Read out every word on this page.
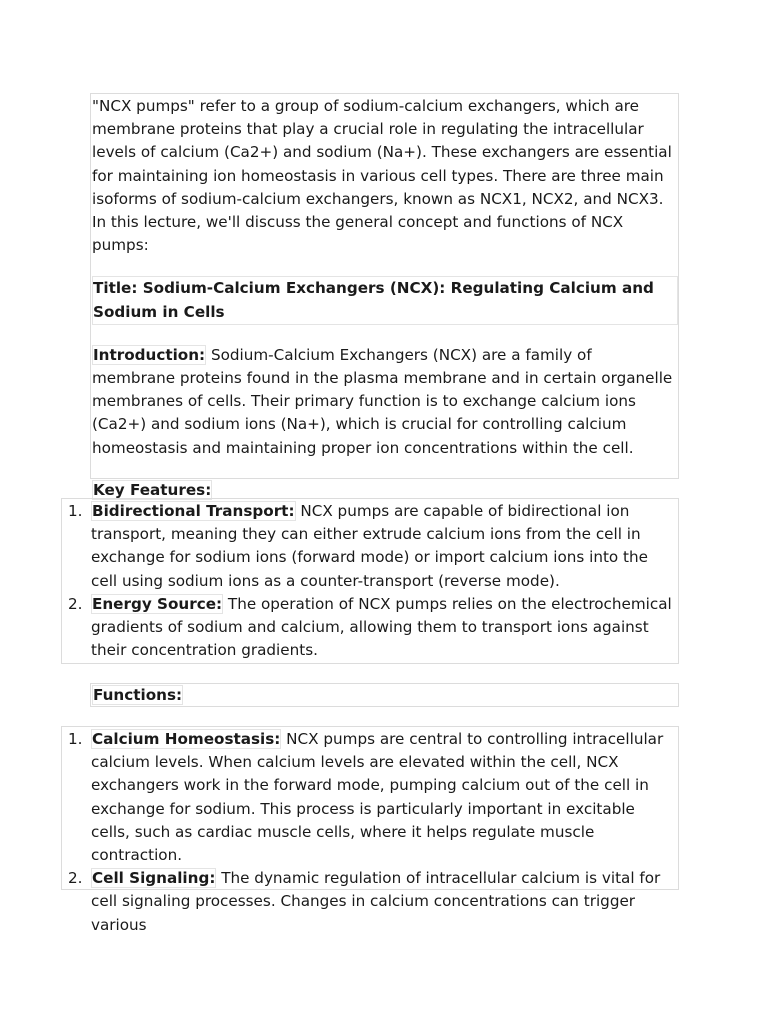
"NCX pumps" refer to a group of sodium-calcium exchangers, which are membrane proteins that play a crucial role in regulating the intracellular levels of calcium (Ca2+) and sodium (Na+). These exchangers are essential for maintaining ion homeostasis in various cell types. There are three main isoforms of sodium-calcium exchangers, known as NCX1, NCX2, and NCX3. In this lecture, we'll discuss the general concept and functions of NCX pumps:

Title: Sodium-Calcium Exchangers (NCX): Regulating Calcium and Sodium in Cells

Introduction: Sodium-Calcium Exchangers (NCX) are a family of membrane proteins found in the plasma membrane and in certain organelle membranes of cells. Their primary function is to exchange calcium ions (Ca2+) and sodium ions (Na+), which is crucial for controlling calcium homeostasis and maintaining proper ion concentrations within the cell.

Key Features:

1. Bidirectional Transport: NCX pumps are capable of bidirectional ion transport, meaning they can either extrude calcium ions from the cell in exchange for sodium ions (forward mode) or import calcium ions into the cell using sodium ions as a counter-transport (reverse mode).
2. Energy Source: The operation of NCX pumps relies on the electrochemical gradients of sodium and calcium, allowing them to transport ions against their concentration gradients.
Functions:
1. Calcium Homeostasis: NCX pumps are central to controlling intracellular calcium levels. When calcium levels are elevated within the cell, NCX exchangers work in the forward mode, pumping calcium out of the cell in exchange for sodium. This process is particularly important in excitable cells, such as cardiac muscle cells, where it helps regulate muscle contraction.
2. Cell Signaling: The dynamic regulation of intracellular calcium is vital for cell signaling processes. Changes in calcium concentrations can trigger various
